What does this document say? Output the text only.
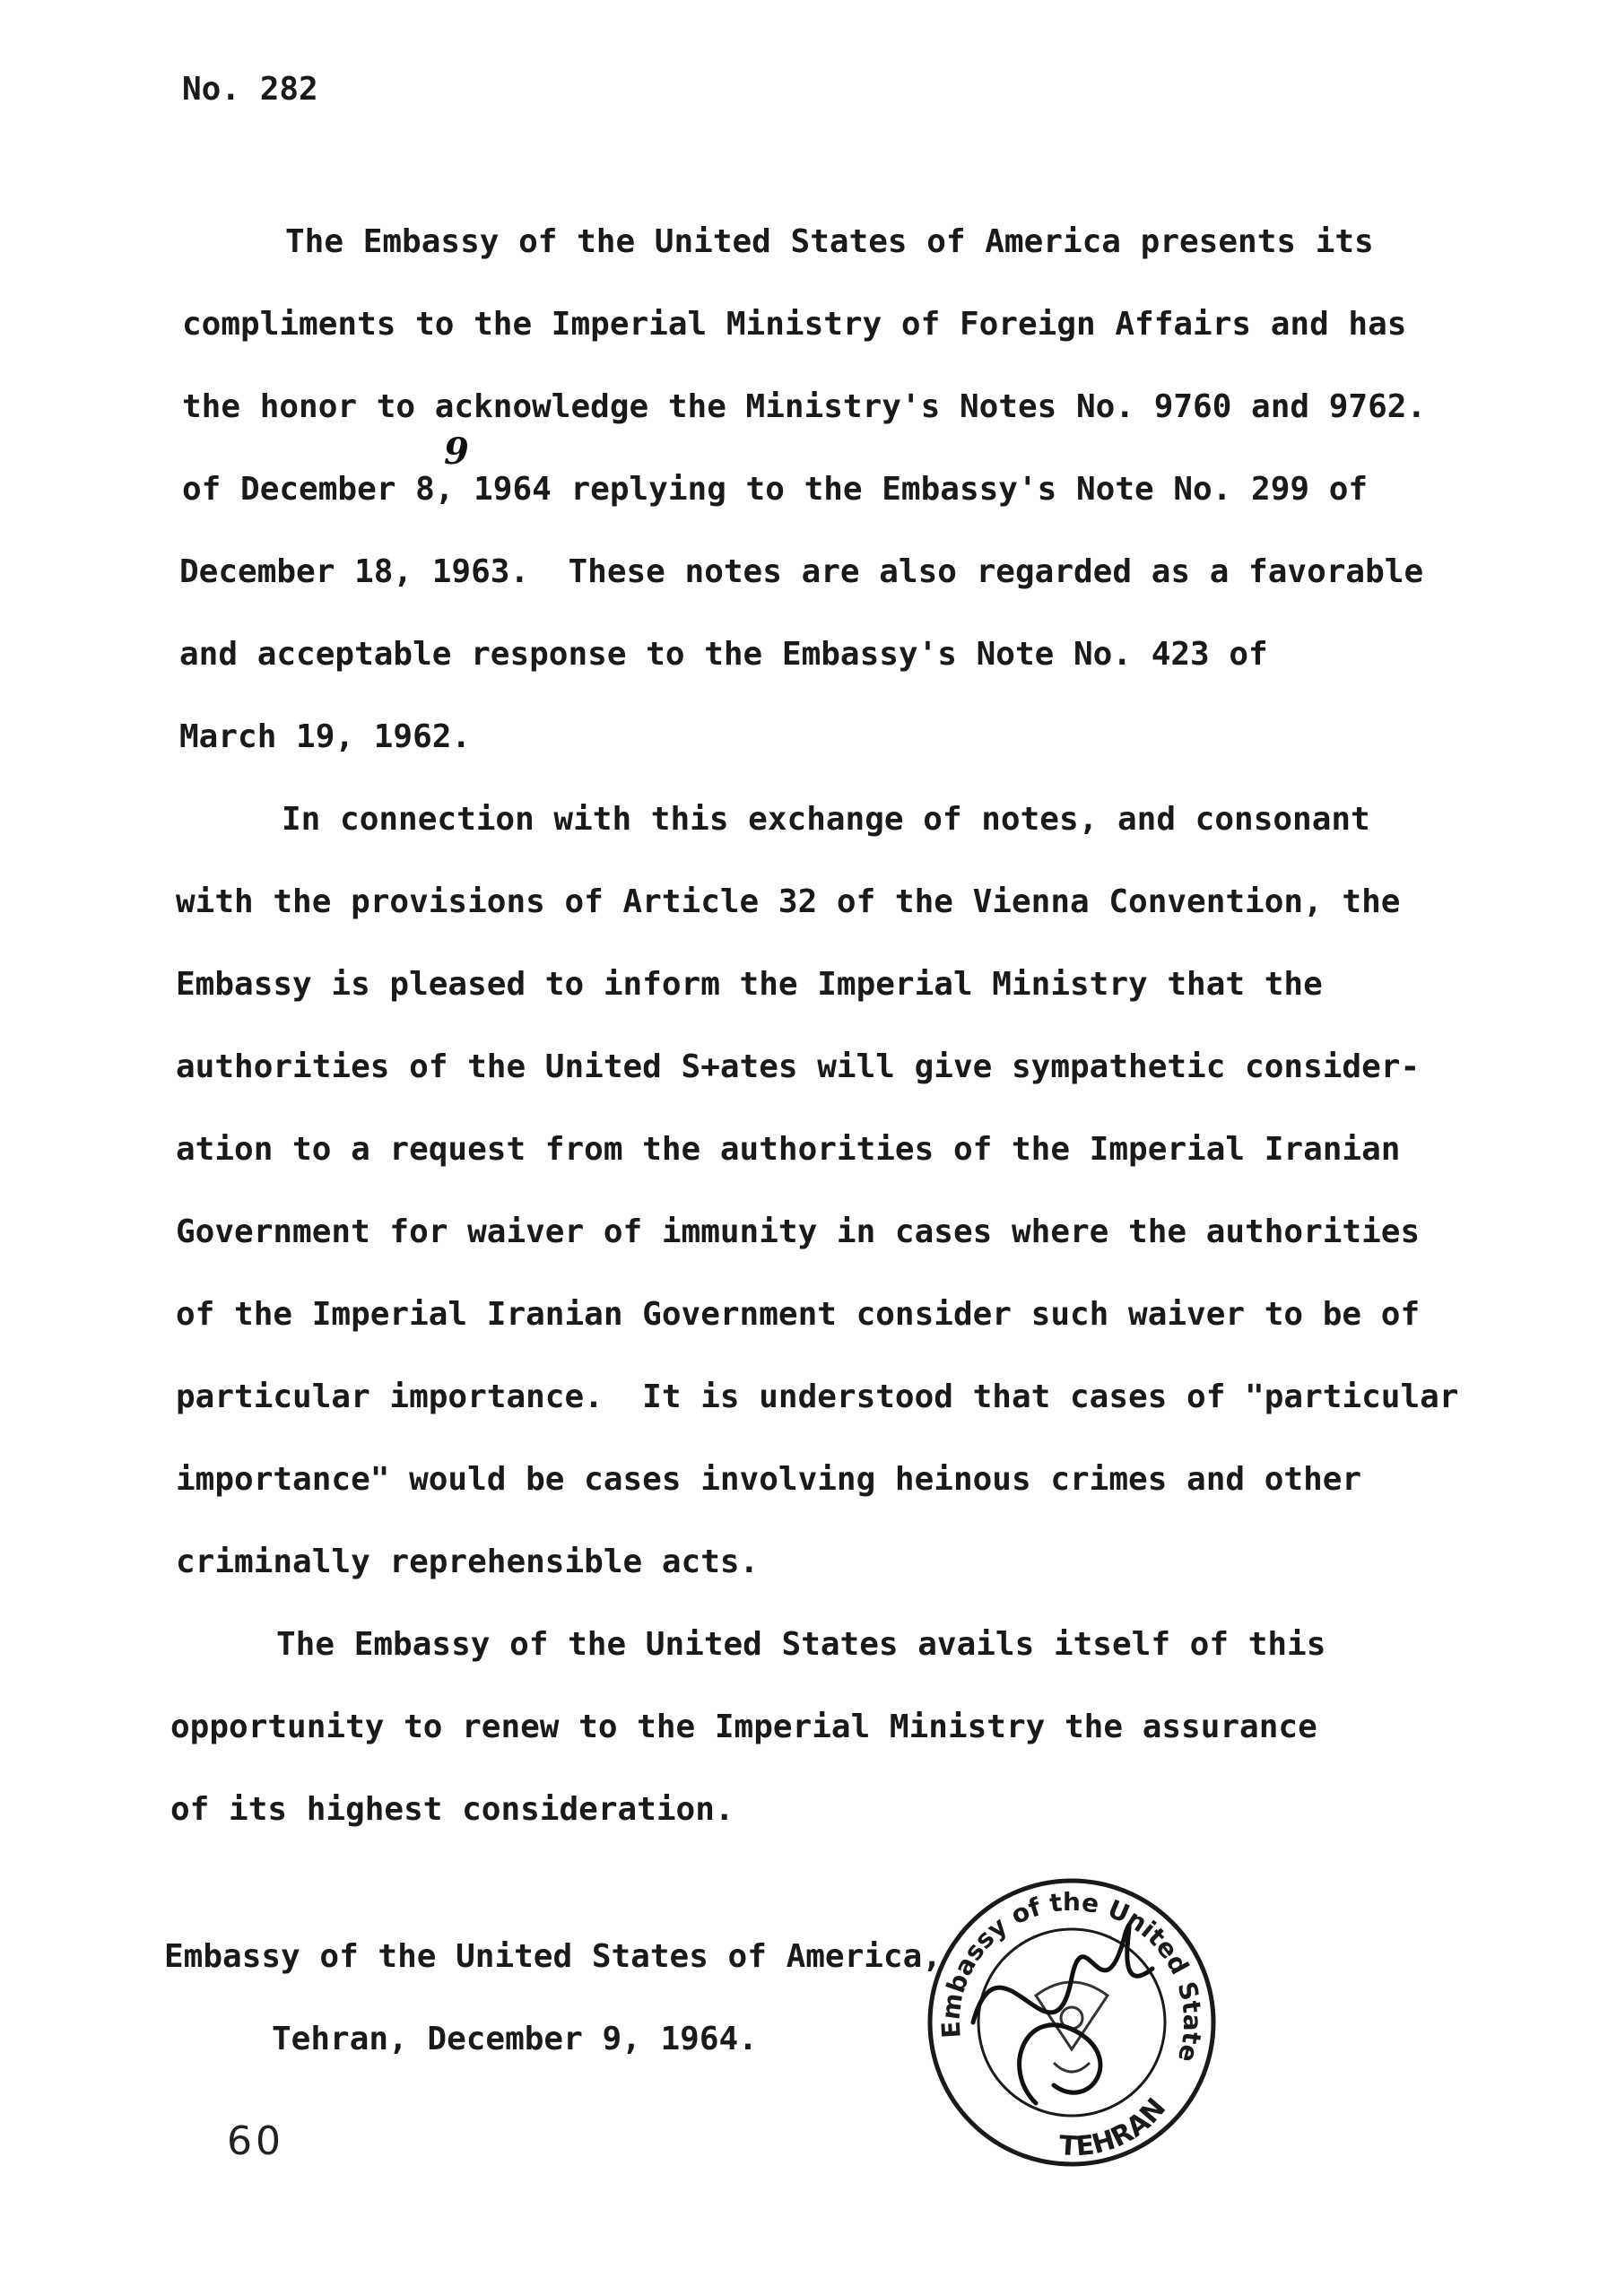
No. 282
The Embassy of the United States of America presents its
compliments to the Imperial Ministry of Foreign Affairs and has
the honor to acknowledge the Ministry's Notes No. 9760 and 9762.
of December 8, 1964 replying to the Embassy's Note No. 299 of
December 18, 1963.  These notes are also regarded as a favorable
and acceptable response to the Embassy's Note No. 423 of
March 19, 1962.
9
In connection with this exchange of notes, and consonant
with the provisions of Article 32 of the Vienna Convention, the
Embassy is pleased to inform the Imperial Ministry that the
authorities of the United S+ates will give sympathetic consider-
ation to a request from the authorities of the Imperial Iranian
Government for waiver of immunity in cases where the authorities
of the Imperial Iranian Government consider such waiver to be of
particular importance.  It is understood that cases of "particular
importance" would be cases involving heinous crimes and other
criminally reprehensible acts.
The Embassy of the United States avails itself of this
opportunity to renew to the Imperial Ministry the assurance
of its highest consideration.
Embassy of the United States of America,
Tehran, December 9, 1964.
60
Embassy of the United States of America
TEHRAN
